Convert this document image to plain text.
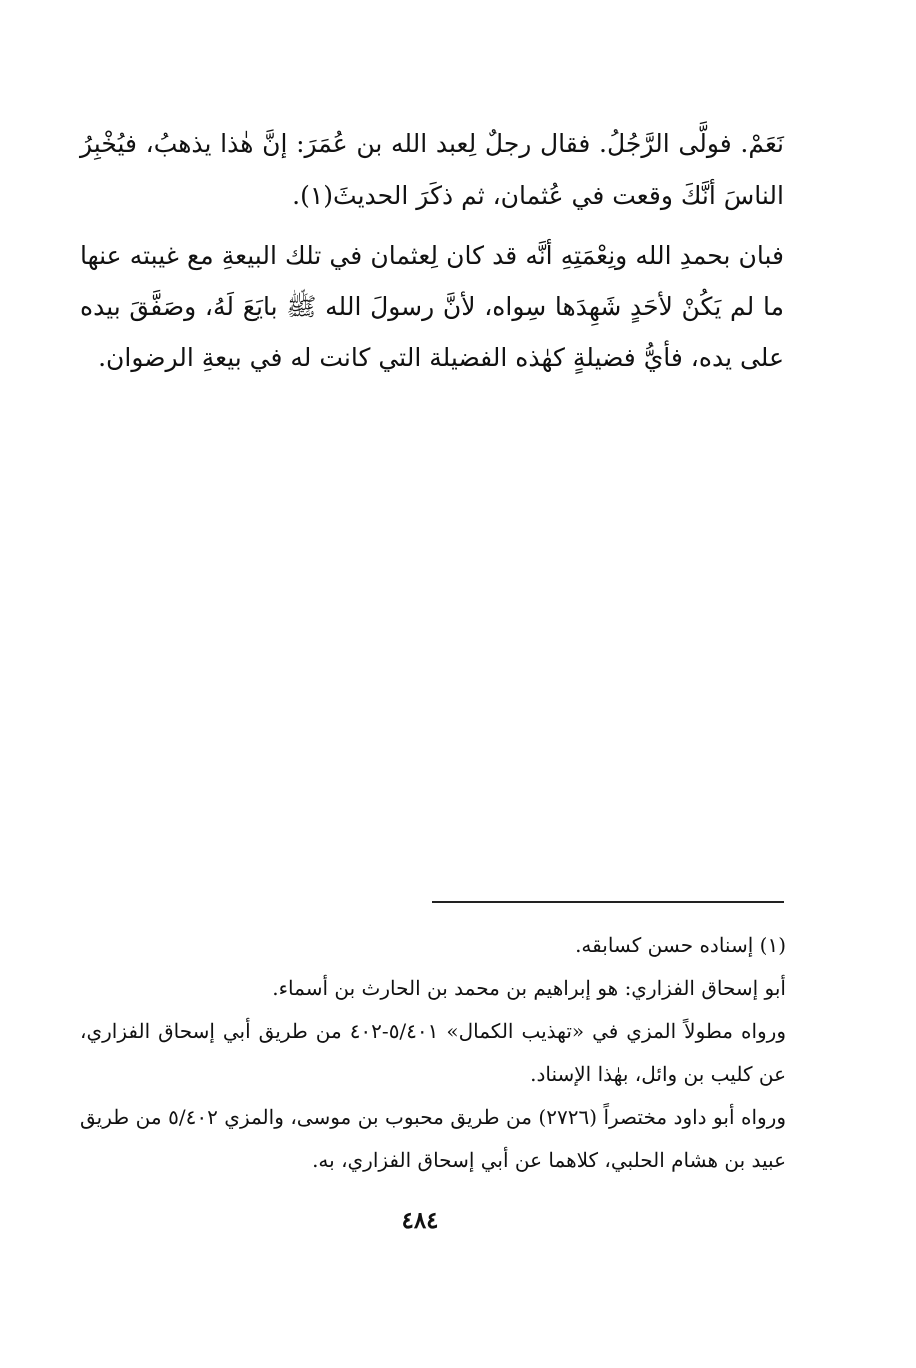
نَعَمْ. فولَّى الرَّجُلُ. فقال رجلٌ لِعبد الله بن عُمَرَ: إنَّ هٰذا يذهبُ، فيُخْبِرُ الناسَ أنَّكَ وقعت في عُثمان، ثم ذكَرَ الحديثَ(١).

فبان بحمدِ الله ونِعْمَتِهِ أنَّه قد كان لِعثمان في تلك البيعةِ مع غيبته عنها ما لم يَكُنْ لأحَدٍ شَهِدَها سِواه، لأنَّ رسولَ الله ﷺ بايَعَ لَهُ، وصَفَّقَ بيده على يده، فأيُّ فضيلةٍ كهٰذه الفضيلة التي كانت له في بيعةِ الرضوان.

(١) إسناده حسن كسابقه.

أبو إسحاق الفزاري: هو إبراهيم بن محمد بن الحارث بن أسماء.

ورواه مطولاً المزي في «تهذيب الكمال» ٥/٤٠١-٤٠٢ من طريق أبي إسحاق الفزاري، عن كليب بن وائل، بهٰذا الإسناد.

ورواه أبو داود مختصراً (٢٧٢٦) من طريق محبوب بن موسى، والمزي ٥/٤٠٢ من طريق عبيد بن هشام الحلبي، كلاهما عن أبي إسحاق الفزاري، به.

٤٨٤
